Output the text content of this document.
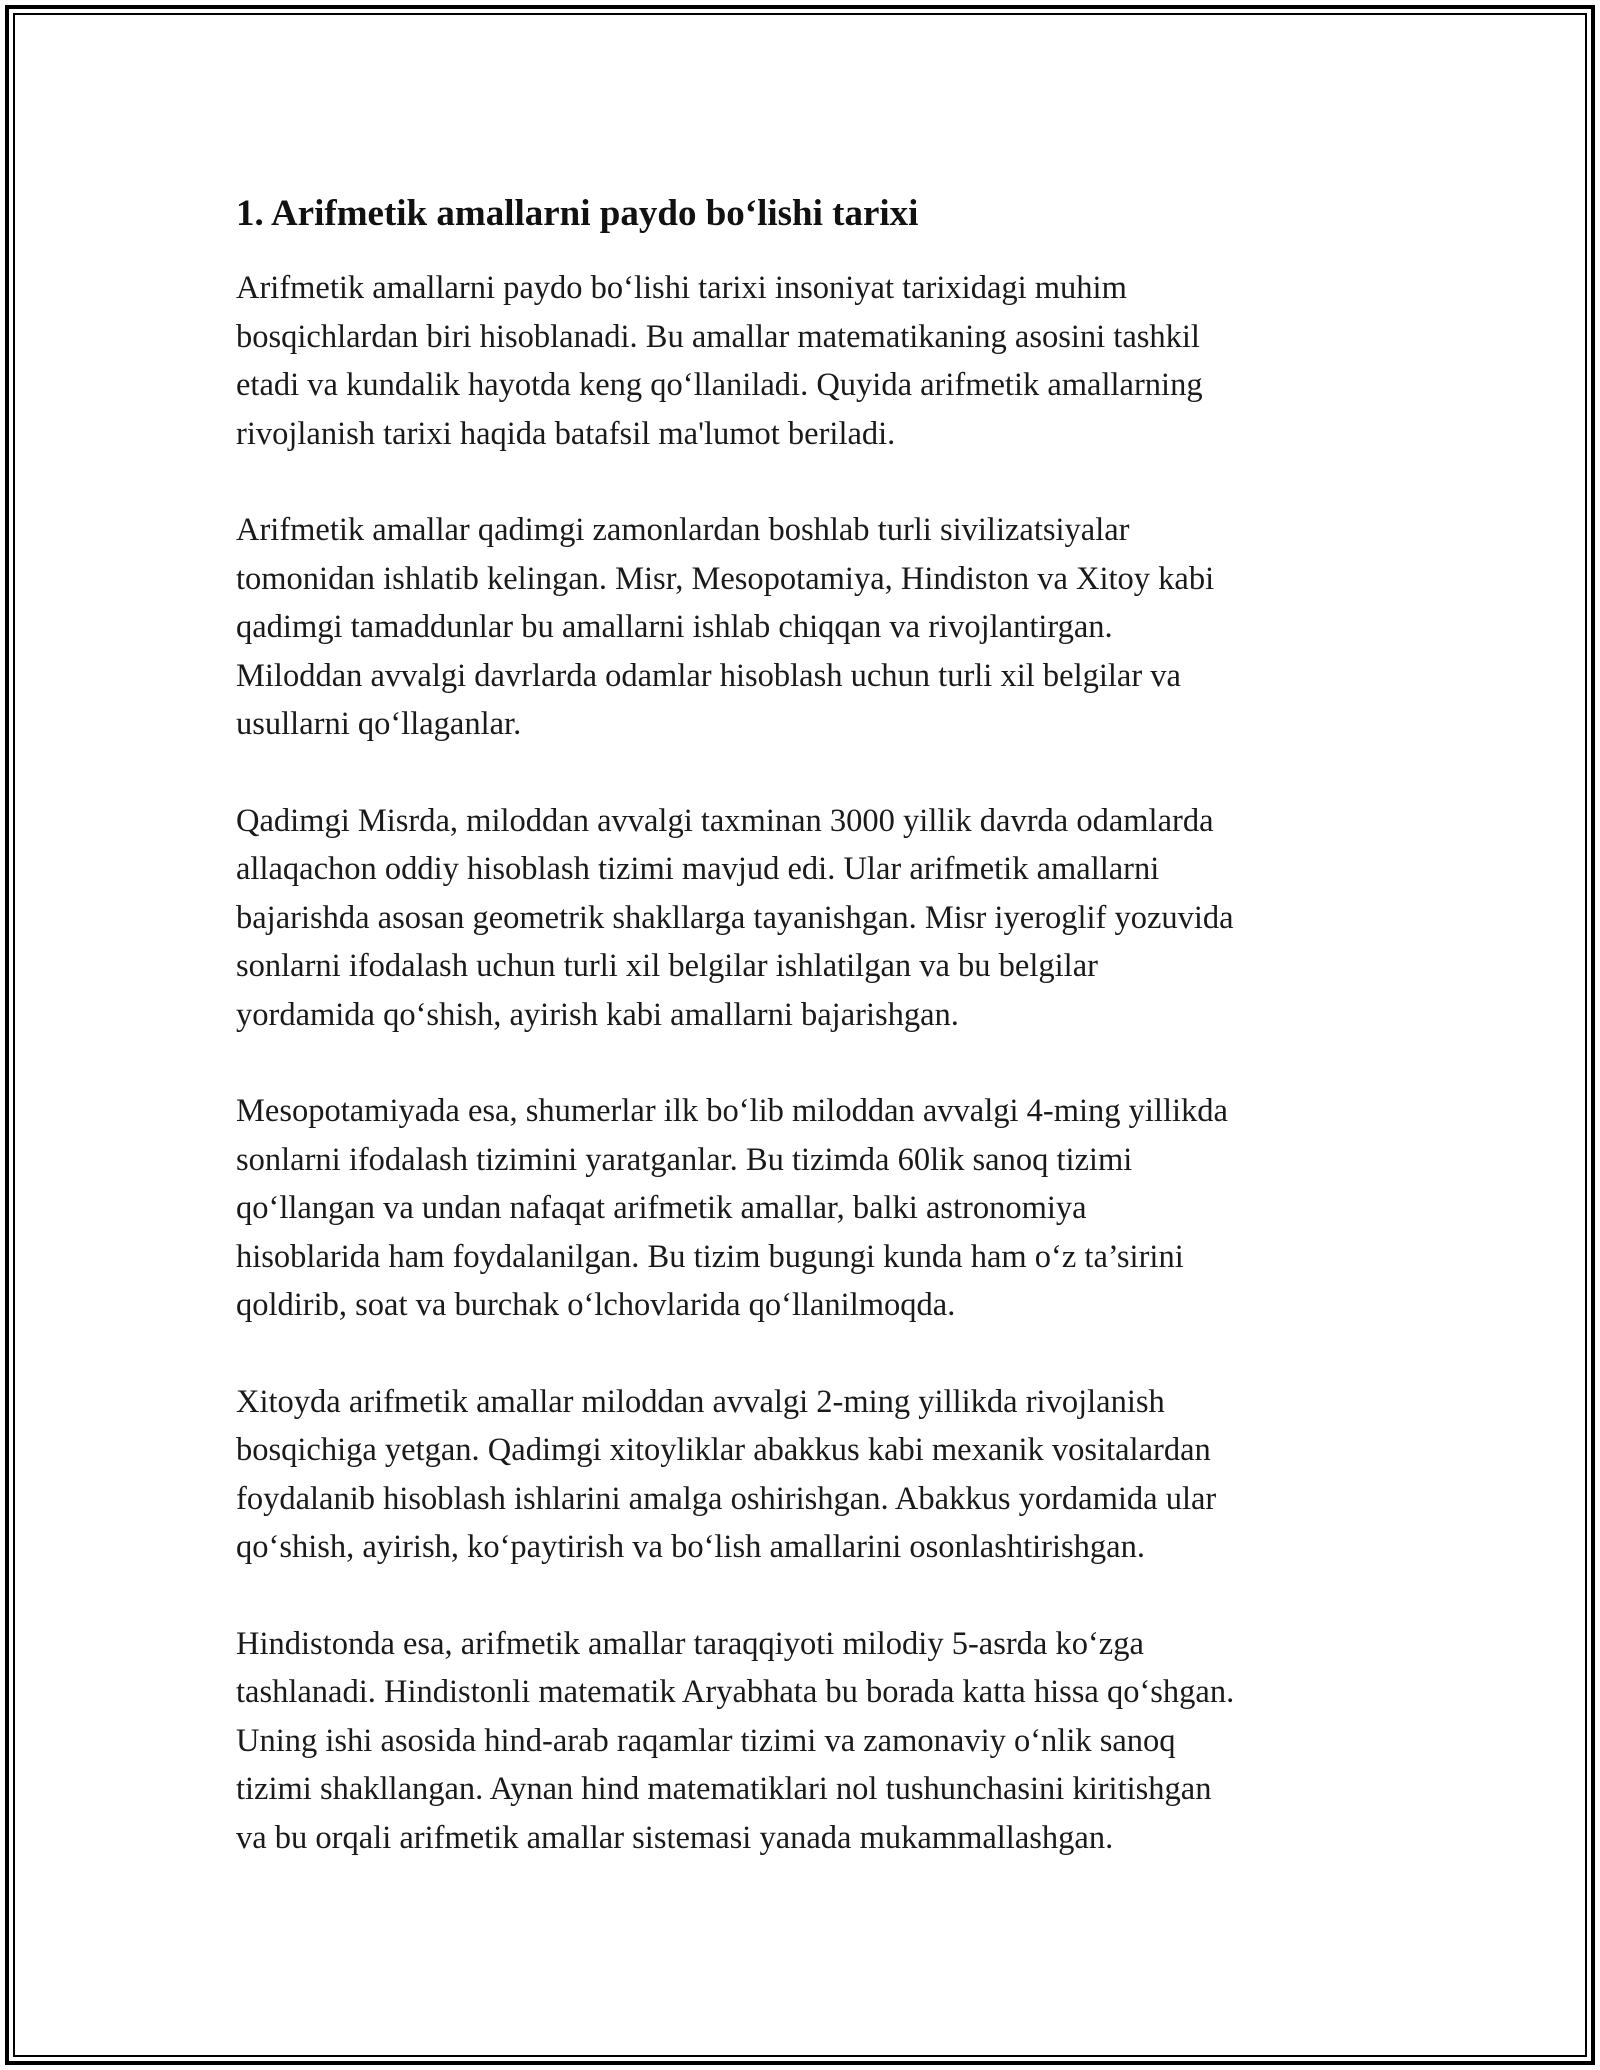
1. Arifmetik amallarni paydo bo‘lishi tarixi

Arifmetik amallarni paydo bo‘lishi tarixi insoniyat tarixidagi muhim
bosqichlardan biri hisoblanadi. Bu amallar matematikaning asosini tashkil
etadi va kundalik hayotda keng qo‘llaniladi. Quyida arifmetik amallarning
rivojlanish tarixi haqida batafsil ma'lumot beriladi.

Arifmetik amallar qadimgi zamonlardan boshlab turli sivilizatsiyalar
tomonidan ishlatib kelingan. Misr, Mesopotamiya, Hindiston va Xitoy kabi
qadimgi tamaddunlar bu amallarni ishlab chiqqan va rivojlantirgan.
Miloddan avvalgi davrlarda odamlar hisoblash uchun turli xil belgilar va
usullarni qo‘llaganlar.

Qadimgi Misrda, miloddan avvalgi taxminan 3000 yillik davrda odamlarda
allaqachon oddiy hisoblash tizimi mavjud edi. Ular arifmetik amallarni
bajarishda asosan geometrik shakllarga tayanishgan. Misr iyeroglif yozuvida
sonlarni ifodalash uchun turli xil belgilar ishlatilgan va bu belgilar
yordamida qo‘shish, ayirish kabi amallarni bajarishgan.

Mesopotamiyada esa, shumerlar ilk bo‘lib miloddan avvalgi 4-ming yillikda
sonlarni ifodalash tizimini yaratganlar. Bu tizimda 60lik sanoq tizimi
qo‘llangan va undan nafaqat arifmetik amallar, balki astronomiya
hisoblarida ham foydalanilgan. Bu tizim bugungi kunda ham o‘z ta’sirini
qoldirib, soat va burchak o‘lchovlarida qo‘llanilmoqda.

Xitoyda arifmetik amallar miloddan avvalgi 2-ming yillikda rivojlanish
bosqichiga yetgan. Qadimgi xitoyliklar abakkus kabi mexanik vositalardan
foydalanib hisoblash ishlarini amalga oshirishgan. Abakkus yordamida ular
qo‘shish, ayirish, ko‘paytirish va bo‘lish amallarini osonlashtirishgan.

Hindistonda esa, arifmetik amallar taraqqiyoti milodiy 5-asrda ko‘zga
tashlanadi. Hindistonli matematik Aryabhata bu borada katta hissa qo‘shgan.
Uning ishi asosida hind-arab raqamlar tizimi va zamonaviy o‘nlik sanoq
tizimi shakllangan. Aynan hind matematiklari nol tushunchasini kiritishgan
va bu orqali arifmetik amallar sistemasi yanada mukammallashgan.
